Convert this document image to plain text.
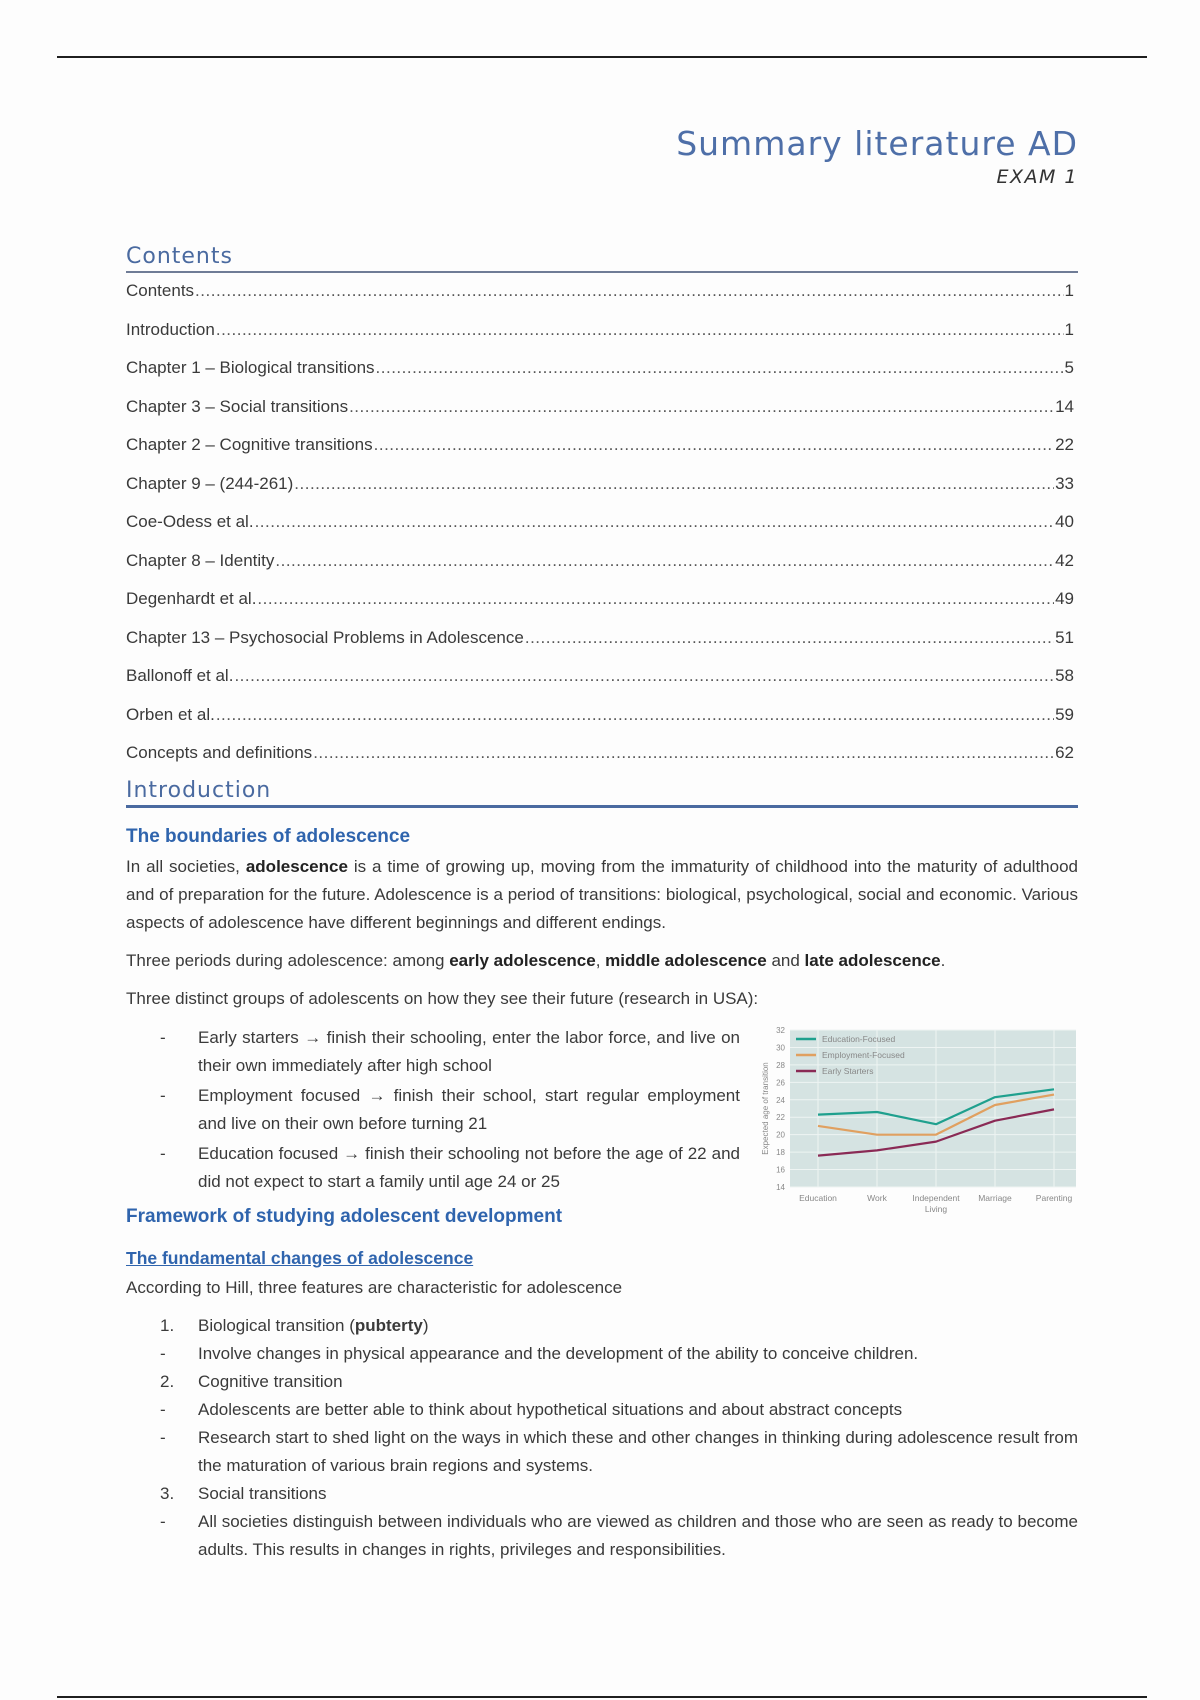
Summary literature AD
EXAM 1
Contents
Contents .....	1
Introduction .....	1
Chapter 1 – Biological transitions .....	5
Chapter 3 – Social transitions .....	14
Chapter 2 – Cognitive transitions .....	22
Chapter 9 – (244-261) .....	33
Coe-Odess et al. .....	40
Chapter 8 – Identity .....	42
Degenhardt et al. .....	49
Chapter 13 – Psychosocial Problems in Adolescence .....	51
Ballonoff et al. .....	58
Orben et al. .....	59
Concepts and definitions .....	62
Introduction
The boundaries of adolescence
In all societies, adolescence is a time of growing up, moving from the immaturity of childhood into the maturity of adulthood and of preparation for the future. Adolescence is a period of transitions: biological, psychological, social and economic. Various aspects of adolescence have different beginnings and different endings.
Three periods during adolescence: among early adolescence, middle adolescence and late adolescence.
Three distinct groups of adolescents on how they see their future (research in USA):
-	Early starters → finish their schooling, enter the labor force, and live on their own immediately after high school
-	Employment focused → finish their school, start regular employment and live on their own before turning 21
-	Education focused → finish their schooling not before the age of 22 and did not expect to start a family until age 24 or 25	14
16
18
20
22
24
26
28
30
32
Expected age of transition
Education	Work	Independent
Living
Marriage	Parenting
Education-Focused
Employment-Focused
Early Starters
Framework of studying adolescent development
The fundamental changes of adolescence
According to Hill, three features are characteristic for adolescence
1.	Biological transition (pubterty)
-	Involve changes in physical appearance and the development of the ability to conceive children.
2.	Cognitive transition
-	Adolescents are better able to think about hypothetical situations and about abstract concepts
-	Research start to shed light on the ways in which these and other changes in thinking during adolescence result from the maturation of various brain regions and systems.
3.	Social transitions
-	All societies distinguish between individuals who are viewed as children and those who are seen as ready to become adults. This results in changes in rights, privileges and responsibilities.
